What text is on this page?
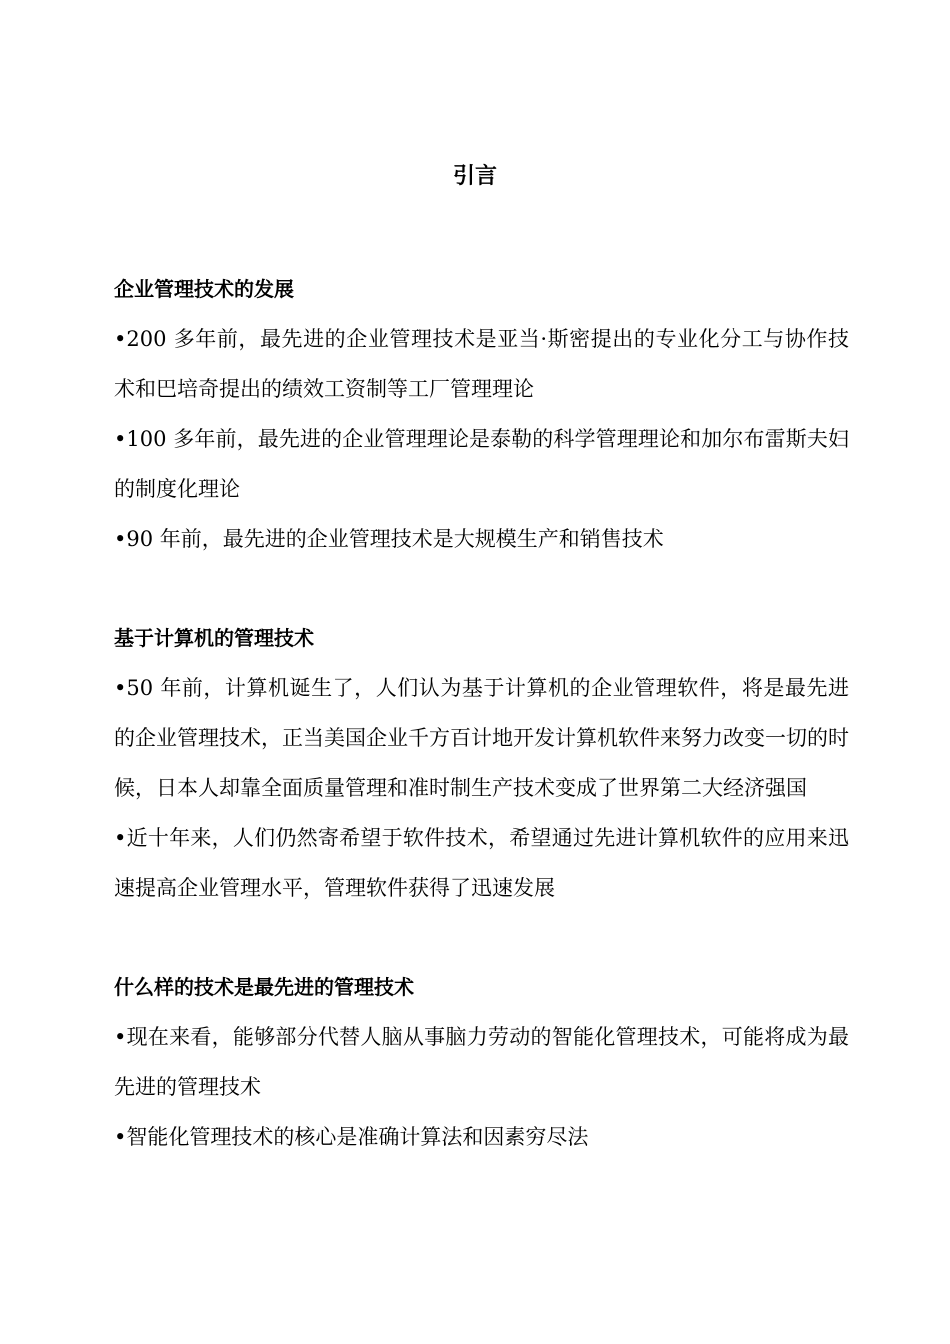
引言
企业管理技术的发展

•200 多年前，最先进的企业管理技术是亚当·斯密提出的专业化分工与协作技术和巴培奇提出的绩效工资制等工厂管理理论

•100 多年前，最先进的企业管理理论是泰勒的科学管理理论和加尔布雷斯夫妇的制度化理论

•90 年前，最先进的企业管理技术是大规模生产和销售技术

基于计算机的管理技术

•50 年前，计算机诞生了，人们认为基于计算机的企业管理软件，将是最先进的企业管理技术，正当美国企业千方百计地开发计算机软件来努力改变一切的时候，日本人却靠全面质量管理和准时制生产技术变成了世界第二大经济强国

•近十年来，人们仍然寄希望于软件技术，希望通过先进计算机软件的应用来迅速提高企业管理水平，管理软件获得了迅速发展

什么样的技术是最先进的管理技术

•现在来看，能够部分代替人脑从事脑力劳动的智能化管理技术，可能将成为最先进的管理技术

•智能化管理技术的核心是准确计算法和因素穷尽法
